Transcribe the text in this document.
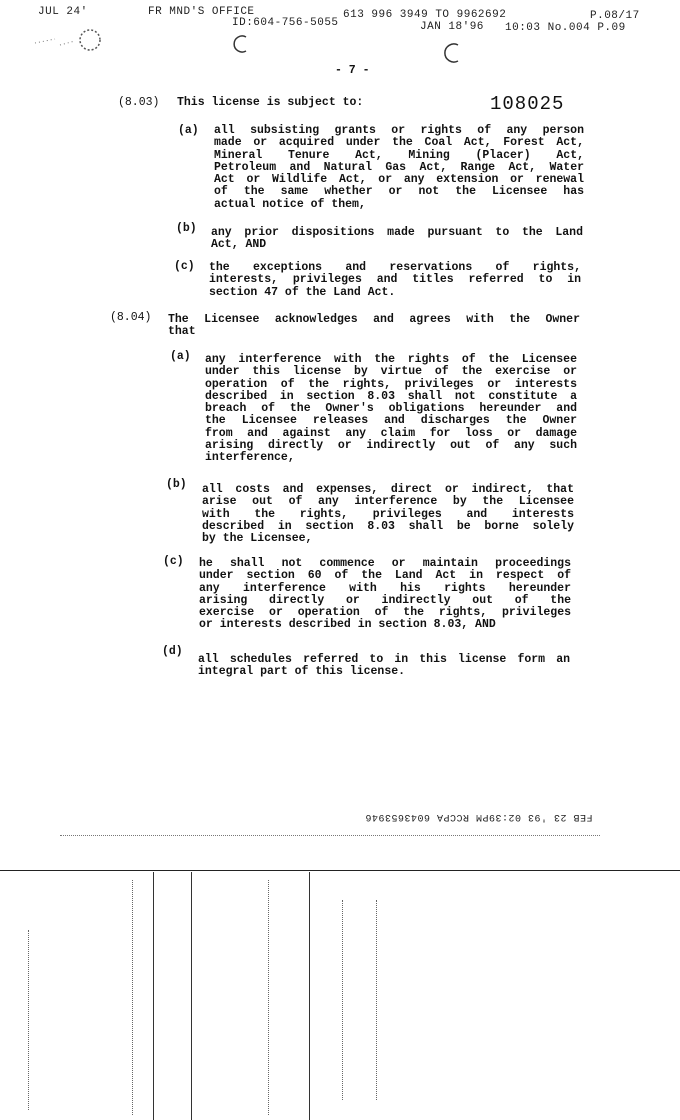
JUL 24'	FR MND'S OFFICE	613 996 3949 TO 9962692	P.08/17
ID:604-756-5055	JAN 18'96 10:03 No.004 P.09
- 7 -
108025
(8.03) This license is subject to:
(a) all subsisting grants or rights of any person
made or acquired under the Coal Act, Forest Act,
Mineral Tenure Act, Mining (Placer) Act,
Petroleum and Natural Gas Act, Range Act, Water
Act or Wildlife Act, or any extension or renewal
of the same whether or not the Licensee has
actual notice of them,
(b) any prior dispositions made pursuant to the Land
Act, AND
(c) the exceptions and reservations of rights,
interests, privileges and titles referred to in
section 47 of the Land Act.
(8.04) The Licensee acknowledges and agrees with the Owner
that
(a) any interference with the rights of the Licensee
under this license by virtue of the exercise or
operation of the rights, privileges or interests
described in section 8.03 shall not constitute a
breach of the Owner's obligations hereunder and
the Licensee releases and discharges the Owner
from and against any claim for loss or damage
arising directly or indirectly out of any such
interference,
(b) all costs and expenses, direct or indirect, that
arise out of any interference by the Licensee
with the rights, privileges and interests
described in section 8.03 shall be borne solely
by the Licensee,
(c) he shall not commence or maintain proceedings
under section 60 of the Land Act in respect of
any interference with his rights hereunder
arising directly or indirectly out of the
exercise or operation of the rights, privileges
or interests described in section 8.03, AND
(d)
all schedules referred to in this license form an
integral part of this license.
FEB 23 '93 02:39PM RCCPA 6043653946
